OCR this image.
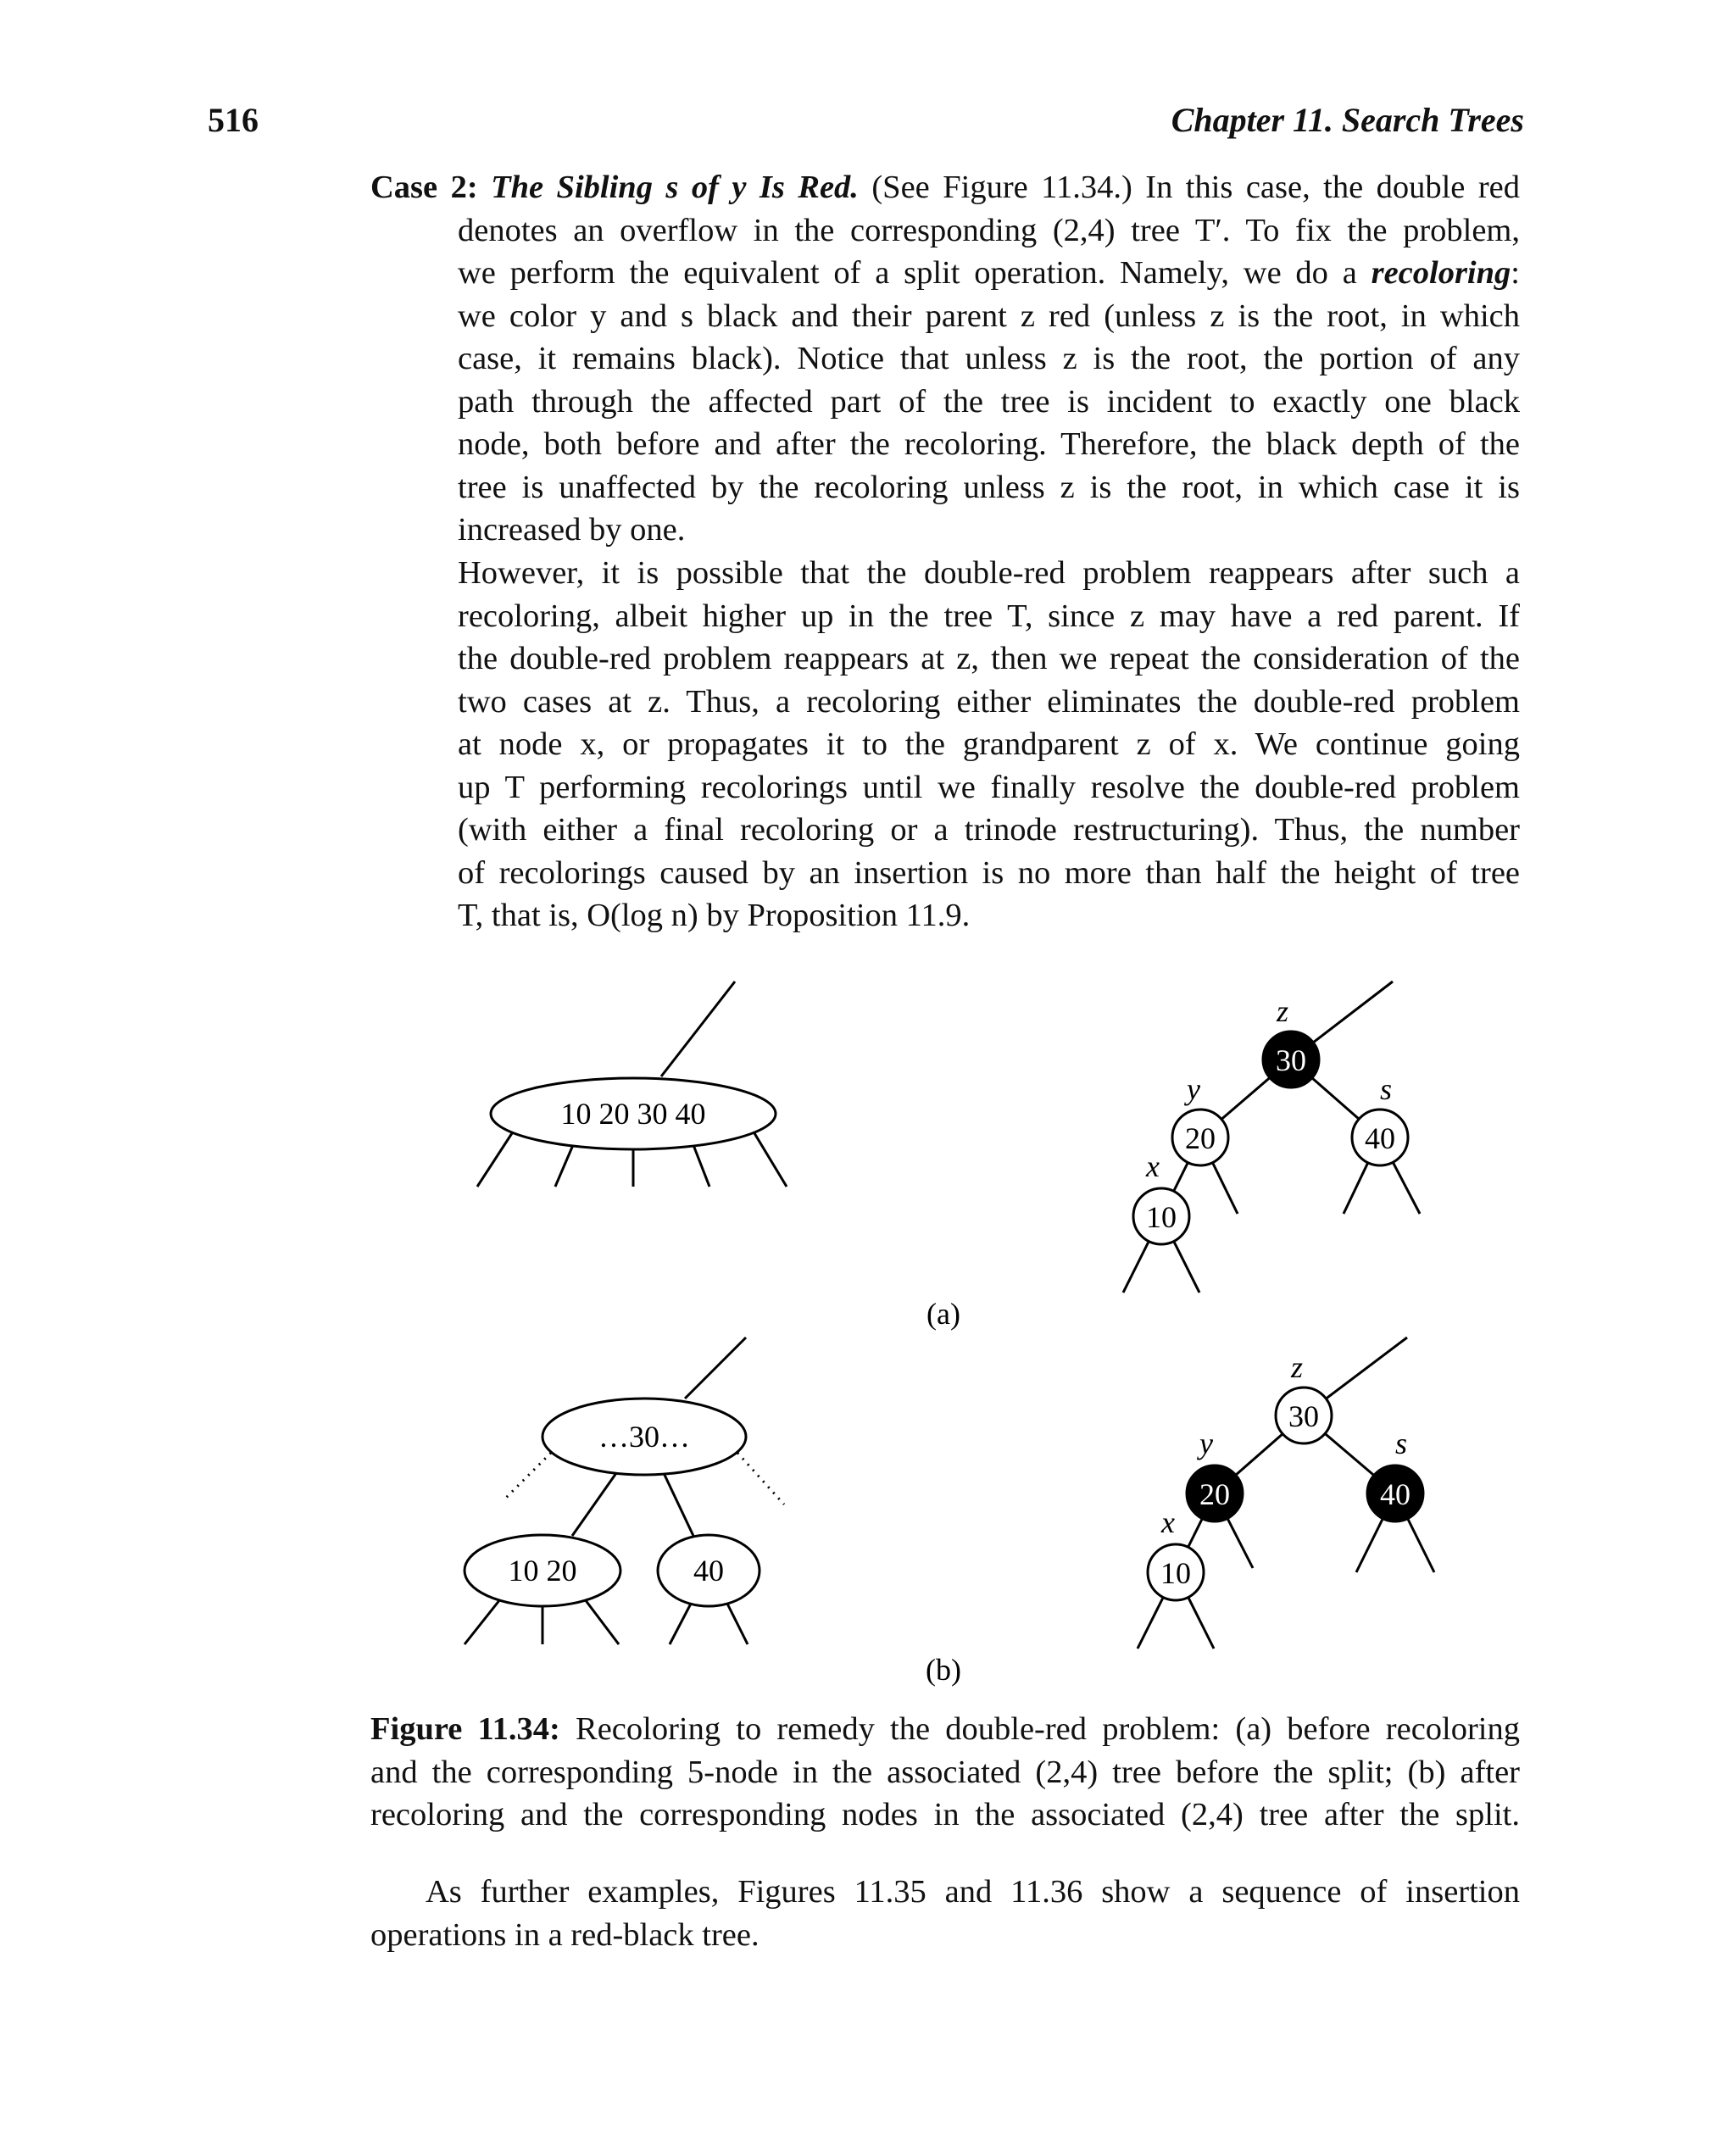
516	Chapter 11. Search Trees
Case 2: The Sibling s of y Is Red. (See Figure 11.34.) In this case, the double red
denotes an overflow in the corresponding (2,4) tree T′. To fix the problem,
we perform the equivalent of a split operation. Namely, we do a recoloring:
we color y and s black and their parent z red (unless z is the root, in which
case, it remains black). Notice that unless z is the root, the portion of any
path through the affected part of the tree is incident to exactly one black
node, both before and after the recoloring. Therefore, the black depth of the
tree is unaffected by the recoloring unless z is the root, in which case it is
increased by one.
However, it is possible that the double-red problem reappears after such a
recoloring, albeit higher up in the tree T, since z may have a red parent. If
the double-red problem reappears at z, then we repeat the consideration of the
two cases at z. Thus, a recoloring either eliminates the double-red problem
at node x, or propagates it to the grandparent z of x. We continue going
up T performing recolorings until we finally resolve the double-red problem
(with either a final recoloring or a trinode restructuring). Thus, the number
of recolorings caused by an insertion is no more than half the height of tree
T, that is, O(log n) by Proposition 11.9.
10 20 30 40
30
20	40
10
z
y	s
x
(a)
…30…
10 20	40
30
20	40
10
z
y	s
x
(b)
Figure 11.34: Recoloring to remedy the double-red problem: (a) before recoloring
and the corresponding 5-node in the associated (2,4) tree before the split; (b) after
recoloring and the corresponding nodes in the associated (2,4) tree after the split.
As further examples, Figures 11.35 and 11.36 show a sequence of insertion
operations in a red-black tree.
